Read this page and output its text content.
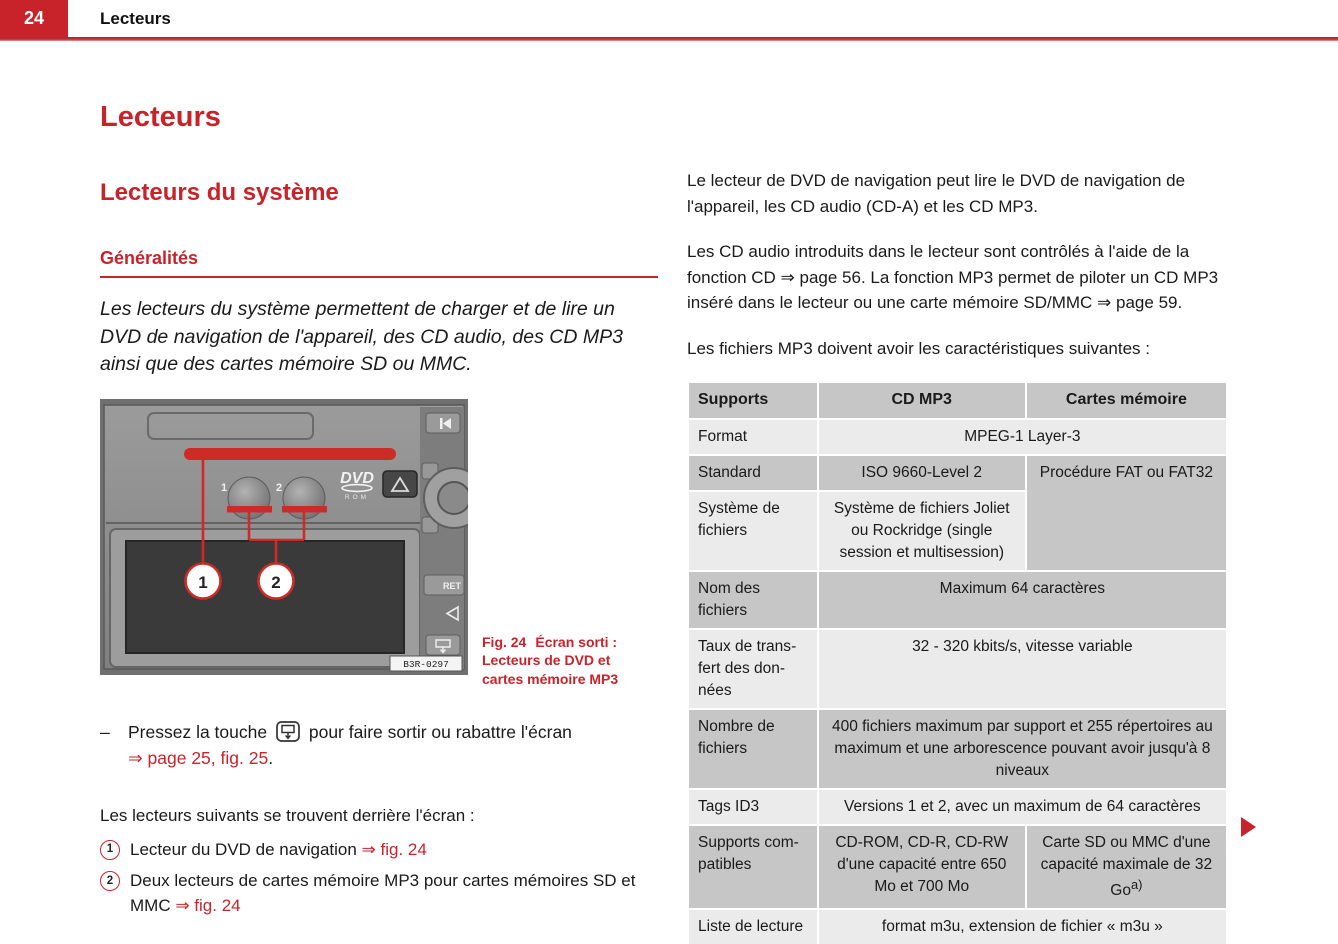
24	Lecteurs
Lecteurs
Lecteurs du système
Généralités

Les lecteurs du système permettent de charger et de lire un DVD de navigation de l'appareil, des CD audio, des CD MP3 ainsi que des cartes mémoire SD ou MMC.

1	2
DVD
ROM
RET
1	2
B3R-0297
Fig. 24 Écran sorti : Lecteurs de DVD et cartes mémoire MP3
–	Pressez la touche pour faire sortir ou rabattre l'écran
⇒ page 25, fig. 25.

Les lecteurs suivants se trouvent derrière l'écran :

1 Lecteur du DVD de navigation ⇒ fig. 24
2 Deux lecteurs de cartes mémoire MP3 pour cartes mémoires SD et MMC ⇒ fig. 24

Le lecteur de DVD de navigation peut lire le DVD de navigation de l'appareil, les CD audio (CD-A) et les CD MP3.

Les CD audio introduits dans le lecteur sont contrôlés à l'aide de la fonction CD ⇒ page 56. La fonction MP3 permet de piloter un CD MP3 inséré dans le lecteur ou une carte mémoire SD/MMC ⇒ page 59.

Les fichiers MP3 doivent avoir les caractéristiques suivantes :

Supports	CD MP3	Cartes mémoire
Format	MPEG-1 Layer-3	
Standard	ISO 9660-Level 2	Procédure FAT ou FAT32
Système de fichiers	Système de fichiers Joliet ou Rockridge (single session et multisession)	
Nom des fichiers	Maximum 64 caractères	
Taux de transfert des données	32 - 320 kbits/s, vitesse variable	
Nombre de fichiers	400 fichiers maximum par support et 255 répertoires au maximum et une arborescence pouvant avoir jusqu'à 8 niveaux	
Tags ID3	Versions 1 et 2, avec un maximum de 64 caractères	
Supports compatibles	CD-ROM, CD-R, CD-RW d'une capacité entre 650 Mo et 700 Mo	Carte SD ou MMC d'une capacité maximale de 32 Go$^{a)}$
Liste de lecture	format m3u, extension de fichier « m3u »	
